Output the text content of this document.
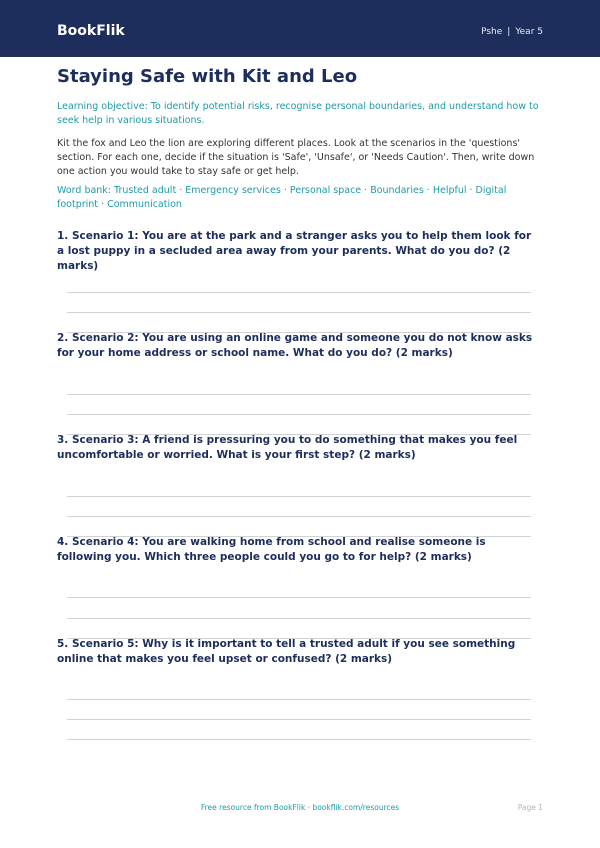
BookFlik	Pshe | Year 5
Staying Safe with Kit and Leo
Learning objective: To identify potential risks, recognise personal boundaries, and understand how to seek help in various situations.
Kit the fox and Leo the lion are exploring different places. Look at the scenarios in the 'questions' section. For each one, decide if the situation is 'Safe', 'Unsafe', or 'Needs Caution'. Then, write down one action you would take to stay safe or get help.
Word bank: Trusted adult · Emergency services · Personal space · Boundaries · Helpful · Digital footprint · Communication
1. Scenario 1: You are at the park and a stranger asks you to help them look for a lost puppy in a secluded area away from your parents. What do you do? (2 marks)
2. Scenario 2: You are using an online game and someone you do not know asks for your home address or school name. What do you do? (2 marks)
3. Scenario 3: A friend is pressuring you to do something that makes you feel uncomfortable or worried. What is your first step? (2 marks)
4. Scenario 4: You are walking home from school and realise someone is following you. Which three people could you go to for help? (2 marks)
5. Scenario 5: Why is it important to tell a trusted adult if you see something online that makes you feel upset or confused? (2 marks)
Free resource from BookFlik · bookflik.com/resources	Page 1
